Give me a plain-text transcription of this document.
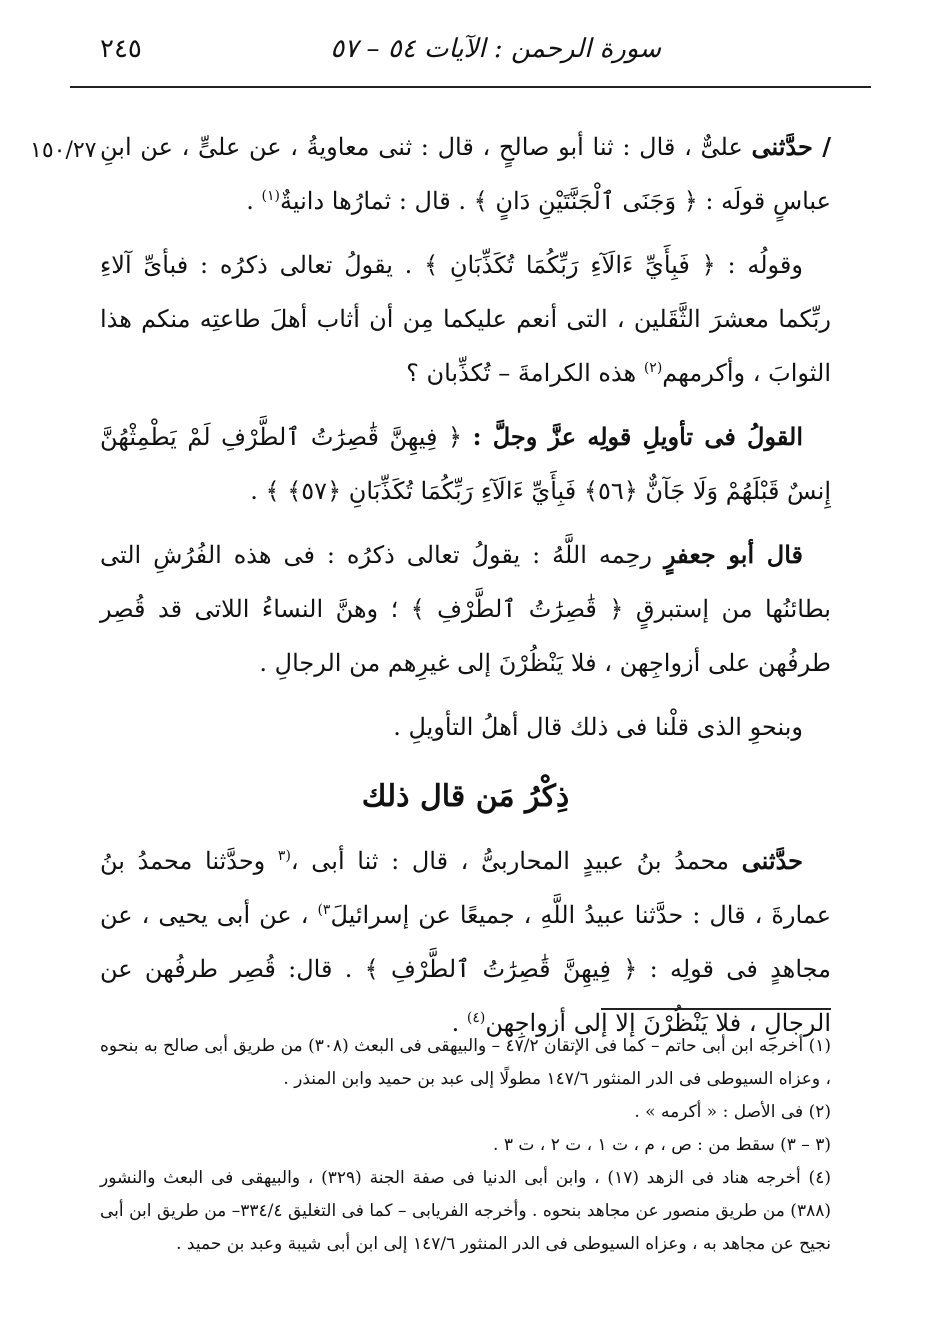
٢٤٥	سورة الرحمن : الآيات ٥٤ – ٥٧
١٥٠/٢٧	/ حدَّثنى علىٌّ ، قال : ثنا أبو صالحٍ ، قال : ثنى معاويةُ ، عن علىٍّ ، عن ابنِ عباسٍ قولَه : ﴿ وَجَنَى ٱلْجَنَّتَيْنِ دَانٍ ﴾ . قال : ثمارُها دانيةٌ$^{(١)}$ .

وقولُه : ﴿ فَبِأَيِّ ءَالَآءِ رَبِّكُمَا تُكَذِّبَانِ ﴾ . يقولُ تعالى ذكرُه : فبأىِّ آلاءِ ربِّكما معشرَ الثَّقَلين ، التى أنعم عليكما مِن أن أثاب أهلَ طاعتِه منكم هذا الثوابَ ، وأكرمهم$^{(٢)}$ هذه الكرامةَ – تُكذِّبان ؟

القولُ فى تأويلِ قولِه عزَّ وجلَّ : ﴿ فِيهِنَّ قَٰصِرَٰتُ ٱلطَّرْفِ لَمْ يَطْمِثْهُنَّ إِنسٌ قَبْلَهُمْ وَلَا جَآنٌّ ﴿٥٦﴾ فَبِأَيِّ ءَالَآءِ رَبِّكُمَا تُكَذِّبَانِ ﴿٥٧﴾ ﴾ .

قال أبو جعفرٍ رحِمه اللَّهُ : يقولُ تعالى ذكرُه : فى هذه الفُرُشِ التى بطائنُها من إستبرقٍ ﴿ قَٰصِرَٰتُ ٱلطَّرْفِ ﴾ ؛ وهنَّ النساءُ اللاتى قد قُصِر طرفُهن على أزواجِهن ، فلا يَنْظُرْنَ إلى غيرِهم من الرجالِ .

وبنحوِ الذى قلْنا فى ذلك قال أهلُ التأويلِ .

ذِكْرُ مَن قال ذلك

حدَّثنى محمدُ بنُ عبيدٍ المحاربىُّ ، قال : ثنا أبى ،$^{(٣}$ وحدَّثنا محمدُ بنُ عمارةَ ، قال : حدَّثنا عبيدُ اللَّهِ ، جميعًا عن إسرائيلَ$^{٣)}$ ، عن أبى يحيى ، عن مجاهدٍ فى قولِه : ﴿ فِيهِنَّ قَٰصِرَٰتُ ٱلطَّرْفِ ﴾ . قال: قُصِر طرفُهن عن الرجالِ ، فلا يَنْظُرْنَ إلا إلى أزواجِهن$^{(٤)}$ .

(١) أخرجه ابن أبى حاتم – كما فى الإتقان ٤٧/٢ – والبيهقى فى البعث (٣٠٨) من طريق أبى صالح به بنحوه ، وعزاه السيوطى فى الدر المنثور ١٤٧/٦ مطولًا إلى عبد بن حميد وابن المنذر .

(٢) فى الأصل : « أكرمه » .

(٣ – ٣) سقط من : ص ، م ، ت ١ ، ت ٢ ، ت ٣ .

(٤) أخرجه هناد فى الزهد (١٧) ، وابن أبى الدنيا فى صفة الجنة (٣٢٩) ، والبيهقى فى البعث والنشور (٣٨٨) من طريق منصور عن مجاهد بنحوه . وأخرجه الفريابى – كما فى التغليق ٣٣٤/٤– من طريق ابن أبى نجيح عن مجاهد به ، وعزاه السيوطى فى الدر المنثور ١٤٧/٦ إلى ابن أبى شيبة وعبد بن حميد .
